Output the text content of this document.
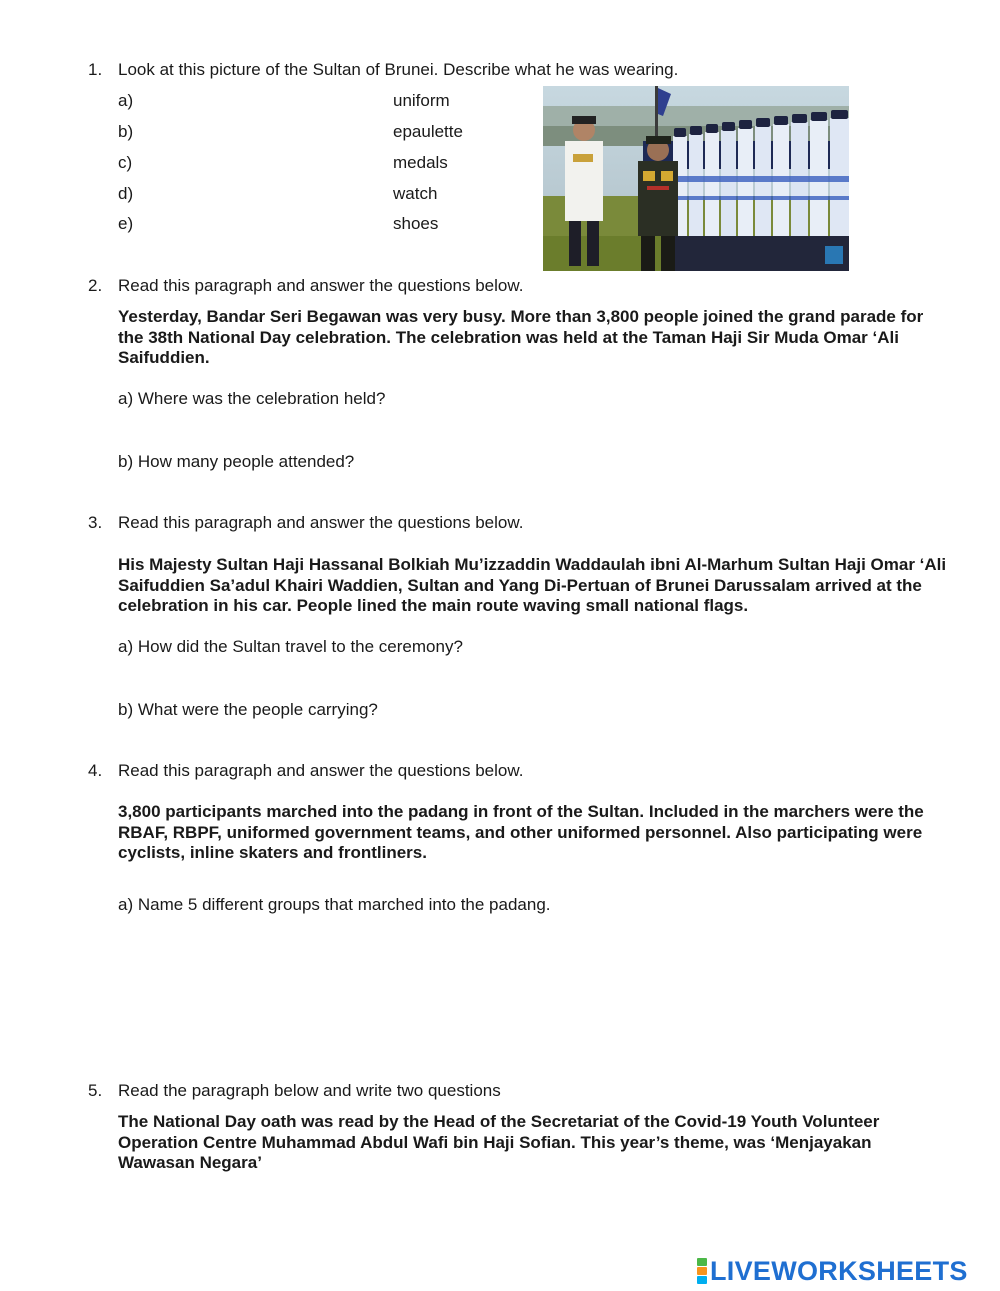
1. Look at this picture of the Sultan of Brunei. Describe what he was wearing.
a)	uniform
b)	epaulette
c)	medals
d)	watch
e)	shoes
2. Read this paragraph and answer the questions below.
Yesterday, Bandar Seri Begawan was very busy. More than 3,800 people joined the grand parade for the 38th National Day celebration. The celebration was held at the Taman Haji Sir Muda Omar ‘Ali Saifuddien.
a) Where was the celebration held?
b) How many people attended?
3. Read this paragraph and answer the questions below.
His Majesty Sultan Haji Hassanal Bolkiah Mu’izzaddin Waddaulah ibni Al-Marhum Sultan Haji Omar ‘Ali Saifuddien Sa’adul Khairi Waddien, Sultan and Yang Di-Pertuan of Brunei Darussalam arrived at the celebration in his car. People lined the main route waving small national flags.
a) How did the Sultan travel to the ceremony?
b) What were the people carrying?
4. Read this paragraph and answer the questions below.
3,800 participants marched into the padang in front of the Sultan. Included in the marchers were the RBAF, RBPF, uniformed government teams, and other uniformed personnel. Also participating were cyclists, inline skaters and frontliners.
a) Name 5 different groups that marched into the padang.
5. Read the paragraph below and write two questions
The National Day oath was read by the Head of the Secretariat of the Covid-19 Youth Volunteer Operation Centre Muhammad Abdul Wafi bin Haji Sofian. This year’s theme, was ‘Menjayakan Wawasan Negara’
LIVEWORKSHEETS
